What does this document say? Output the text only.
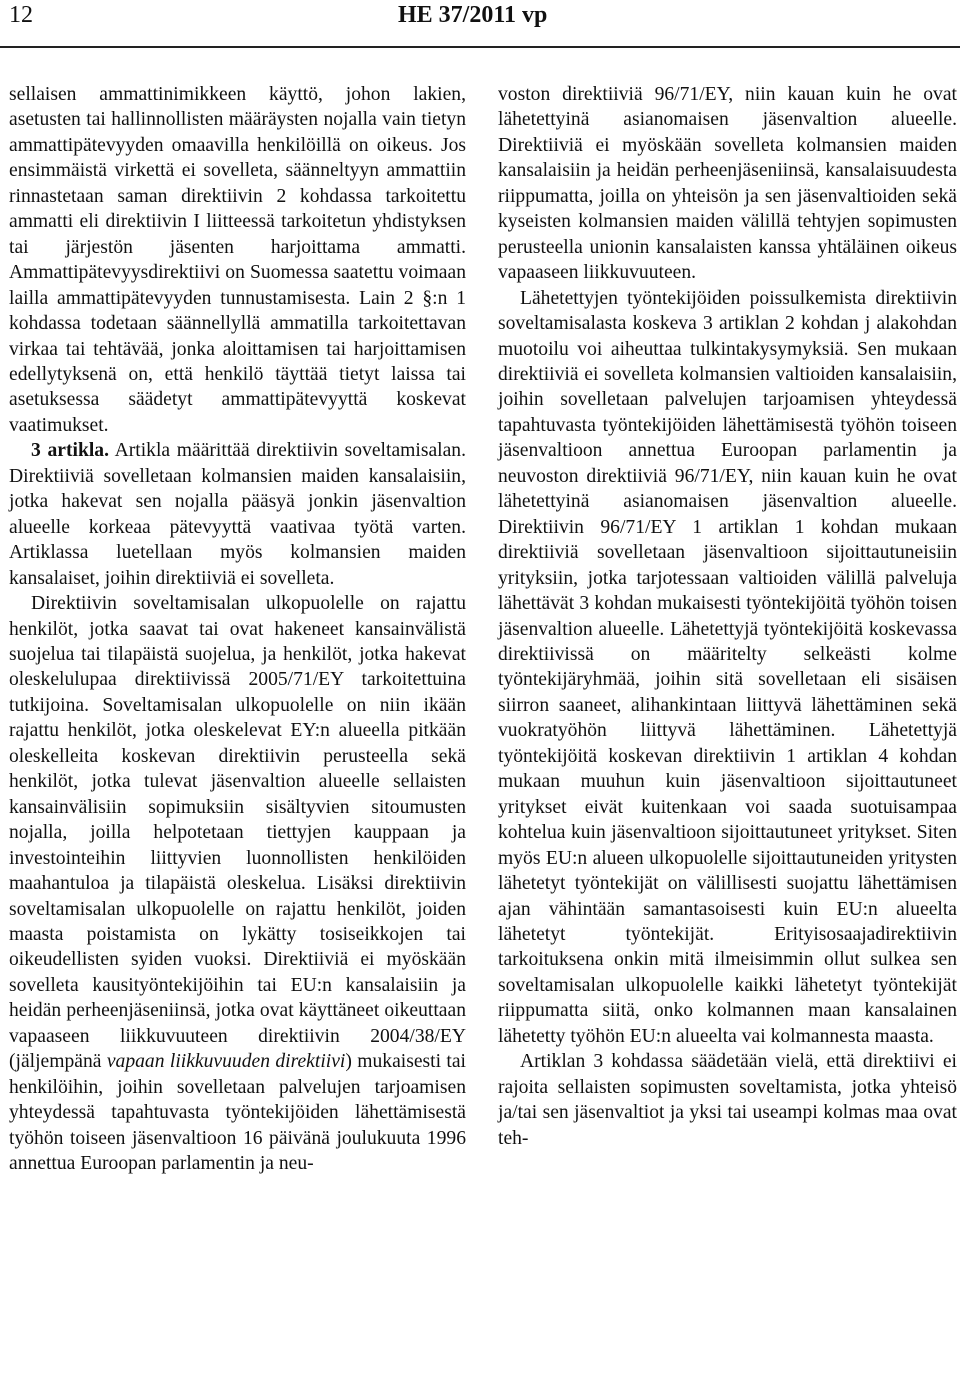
12	HE 37/2011 vp

sellaisen ammattinimikkeen käyttö, johon lakien, asetusten tai hallinnollisten määräysten nojalla vain tietyn ammattipätevyyden omaavilla henkilöillä on oikeus. Jos ensimmäistä virkettä ei sovelleta, säänneltyyn ammattiin rinnastetaan saman direktiivin 2 kohdassa tarkoitettu ammatti eli direktiivin I liitteessä tarkoitetun yhdistyksen tai järjestön jäsenten harjoittama ammatti. Ammattipätevyysdirektiivi on Suomessa saatettu voimaan lailla ammattipätevyyden tunnustamisesta. Lain 2 §:n 1 kohdassa todetaan säännellyllä ammatilla tarkoitettavan virkaa tai tehtävää, jonka aloittamisen tai harjoittamisen edellytyksenä on, että henkilö täyttää tietyt laissa tai asetuksessa säädetyt ammattipätevyyttä koskevat vaatimukset.

3 artikla. Artikla määrittää direktiivin soveltamisalan. Direktiiviä sovelletaan kolmansien maiden kansalaisiin, jotka hakevat sen nojalla pääsyä jonkin jäsenvaltion alueelle korkeaa pätevyyttä vaativaa työtä varten. Artiklassa luetellaan myös kolmansien maiden kansalaiset, joihin direktiiviä ei sovelleta.

Direktiivin soveltamisalan ulkopuolelle on rajattu henkilöt, jotka saavat tai ovat hakeneet kansainvälistä suojelua tai tilapäistä suojelua, ja henkilöt, jotka hakevat oleskelulupaa direktiivissä 2005/71/EY tarkoitettuina tutkijoina. Soveltamisalan ulkopuolelle on niin ikään rajattu henkilöt, jotka oleskelevat EY:n alueella pitkään oleskelleita koskevan direktiivin perusteella sekä henkilöt, jotka tulevat jäsenvaltion alueelle sellaisten kansainvälisiin sopimuksiin sisältyvien sitoumusten nojalla, joilla helpotetaan tiettyjen kauppaan ja investointeihin liittyvien luonnollisten henkilöiden maahantuloa ja tilapäistä oleskelua. Lisäksi direktiivin soveltamisalan ulkopuolelle on rajattu henkilöt, joiden maasta poistamista on lykätty tosiseikkojen tai oikeudellisten syiden vuoksi. Direktiiviä ei myöskään sovelleta kausityöntekijöihin tai EU:n kansalaisiin ja heidän perheenjäseniinsä, jotka ovat käyttäneet oikeuttaan vapaaseen liikkuvuuteen direktiivin 2004/38/EY (jäljempänä vapaan liikkuvuuden direktiivi) mukaisesti tai henkilöihin, joihin sovelletaan palvelujen tarjoamisen yhteydessä tapahtuvasta työntekijöiden lähettämisestä työhön toiseen jäsenvaltioon 16 päivänä joulukuuta 1996 annettua Euroopan parlamentin ja neu-

voston direktiiviä 96/71/EY, niin kauan kuin he ovat lähetettyinä asianomaisen jäsenvaltion alueelle. Direktiiviä ei myöskään sovelleta kolmansien maiden kansalaisiin ja heidän perheenjäseniinsä, kansalaisuudesta riippumatta, joilla on yhteisön ja sen jäsenvaltioiden sekä kyseisten kolmansien maiden välillä tehtyjen sopimusten perusteella unionin kansalaisten kanssa yhtäläinen oikeus vapaaseen liikkuvuuteen.

Lähetettyjen työntekijöiden poissulkemista direktiivin soveltamisalasta koskeva 3 artiklan 2 kohdan j alakohdan muotoilu voi aiheuttaa tulkintakysymyksiä. Sen mukaan direktiiviä ei sovelleta kolmansien valtioiden kansalaisiin, joihin sovelletaan palvelujen tarjoamisen yhteydessä tapahtuvasta työntekijöiden lähettämisestä työhön toiseen jäsenvaltioon annettua Euroopan parlamentin ja neuvoston direktiiviä 96/71/EY, niin kauan kuin he ovat lähetettyinä asianomaisen jäsenvaltion alueelle. Direktiivin 96/71/EY 1 artiklan 1 kohdan mukaan direktiiviä sovelletaan jäsenvaltioon sijoittautuneisiin yrityksiin, jotka tarjotessaan valtioiden välillä palveluja lähettävät 3 kohdan mukaisesti työntekijöitä työhön toisen jäsenvaltion alueelle. Lähetettyjä työntekijöitä koskevassa direktiivissä on määritelty selkeästi kolme työntekijäryhmää, joihin sitä sovelletaan eli sisäisen siirron saaneet, alihankintaan liittyvä lähettäminen sekä vuokratyöhön liittyvä lähettäminen. Lähetettyjä työntekijöitä koskevan direktiivin 1 artiklan 4 kohdan mukaan muuhun kuin jäsenvaltioon sijoittautuneet yritykset eivät kuitenkaan voi saada suotuisampaa kohtelua kuin jäsenvaltioon sijoittautuneet yritykset. Siten myös EU:n alueen ulkopuolelle sijoittautuneiden yritysten lähetetyt työntekijät on välillisesti suojattu lähettämisen ajan vähintään samantasoisesti kuin EU:n alueelta lähetetyt työntekijät. Erityisosaajadirektiivin tarkoituksena onkin mitä ilmeisimmin ollut sulkea sen soveltamisalan ulkopuolelle kaikki lähetetyt työntekijät riippumatta siitä, onko kolmannen maan kansalainen lähetetty työhön EU:n alueelta vai kolmannesta maasta.

Artiklan 3 kohdassa säädetään vielä, että direktiivi ei rajoita sellaisten sopimusten soveltamista, jotka yhteisö ja/tai sen jäsenvaltiot ja yksi tai useampi kolmas maa ovat teh-
